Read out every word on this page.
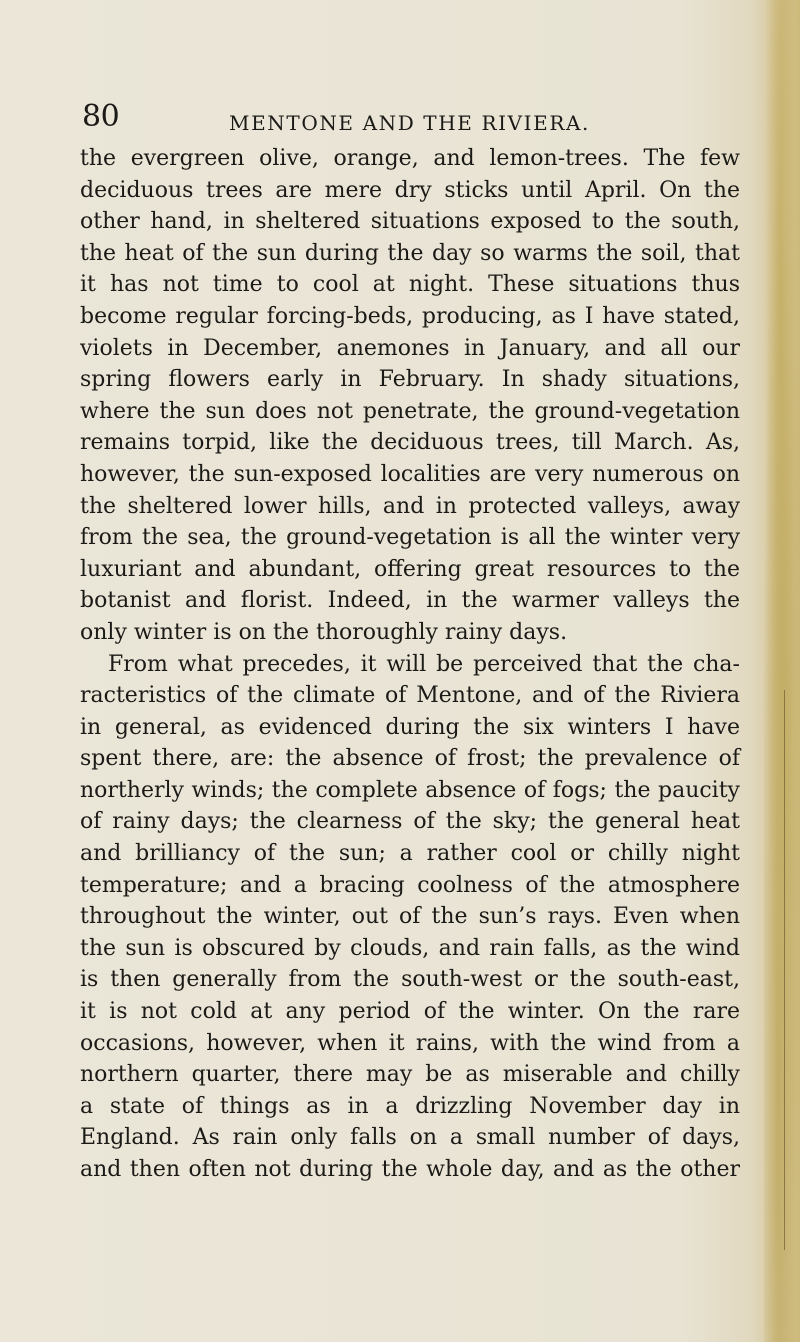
80	MENTONE AND THE RIVIERA.
the evergreen olive, orange, and lemon-trees. The few
deciduous trees are mere dry sticks until April. On the
other hand, in sheltered situations exposed to the south,
the heat of the sun during the day so warms the soil, that
it has not time to cool at night. These situations thus
become regular forcing-beds, producing, as I have stated,
violets in December, anemones in January, and all our
spring flowers early in February. In shady situations,
where the sun does not penetrate, the ground-vegetation
remains torpid, like the deciduous trees, till March. As,
however, the sun-exposed localities are very numerous on
the sheltered lower hills, and in protected valleys, away
from the sea, the ground-vegetation is all the winter very
luxuriant and abundant, offering great resources to the
botanist and florist. Indeed, in the warmer valleys the
only winter is on the thoroughly rainy days.
From what precedes, it will be perceived that the cha-
racteristics of the climate of Mentone, and of the Riviera
in general, as evidenced during the six winters I have
spent there, are: the absence of frost; the prevalence of
northerly winds; the complete absence of fogs; the paucity
of rainy days; the clearness of the sky; the general heat
and brilliancy of the sun; a rather cool or chilly night
temperature; and a bracing coolness of the atmosphere
throughout the winter, out of the sun’s rays. Even when
the sun is obscured by clouds, and rain falls, as the wind
is then generally from the south-west or the south-east,
it is not cold at any period of the winter. On the rare
occasions, however, when it rains, with the wind from a
northern quarter, there may be as miserable and chilly
a state of things as in a drizzling November day in
England. As rain only falls on a small number of days,
and then often not during the whole day, and as the other
